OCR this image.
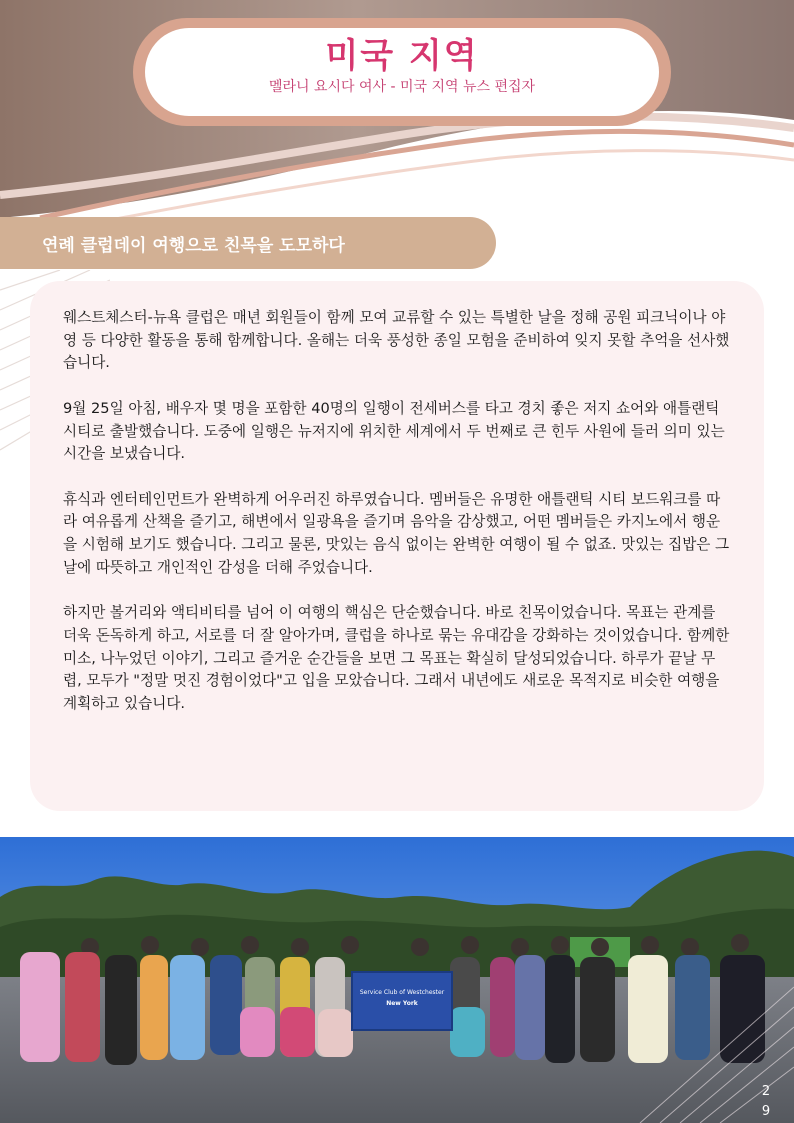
미국 지역
멜라니 요시다 여사 - 미국 지역 뉴스 편집자
연례 클럽데이 여행으로 친목을 도모하다

웨스트체스터-뉴욕 클럽은 매년 회원들이 함께 모여 교류할 수 있는 특별한 날을 정해 공원 피크닉이나 야영 등 다양한 활동을 통해 함께합니다. 올해는 더욱 풍성한 종일 모험을 준비하여 잊지 못할 추억을 선사했습니다.

9월 25일 아침, 배우자 몇 명을 포함한 40명의 일행이 전세버스를 타고 경치 좋은 저지 쇼어와 애틀랜틱 시티로 출발했습니다. 도중에 일행은 뉴저지에 위치한 세계에서 두 번째로 큰 힌두 사원에 들러 의미 있는 시간을 보냈습니다.

휴식과 엔터테인먼트가 완벽하게 어우러진 하루였습니다. 멤버들은 유명한 애틀랜틱 시티 보드워크를 따라 여유롭게 산책을 즐기고, 해변에서 일광욕을 즐기며 음악을 감상했고, 어떤 멤버들은 카지노에서 행운을 시험해 보기도 했습니다. 그리고 물론, 맛있는 음식 없이는 완벽한 여행이 될 수 없죠. 맛있는 집밥은 그날에 따뜻하고 개인적인 감성을 더해 주었습니다.

하지만 볼거리와 액티비티를 넘어 이 여행의 핵심은 단순했습니다. 바로 친목이었습니다. 목표는 관계를 더욱 돈독하게 하고, 서로를 더 잘 알아가며, 클럽을 하나로 묶는 유대감을 강화하는 것이었습니다. 함께한 미소, 나누었던 이야기, 그리고 즐거운 순간들을 보면 그 목표는 확실히 달성되었습니다. 하루가 끝날 무렵, 모두가 "정말 멋진 경험이었다"고 입을 모았습니다. 그래서 내년에도 새로운 목적지로 비슷한 여행을 계획하고 있습니다.

Service Club of Westchester
New York
2
9
